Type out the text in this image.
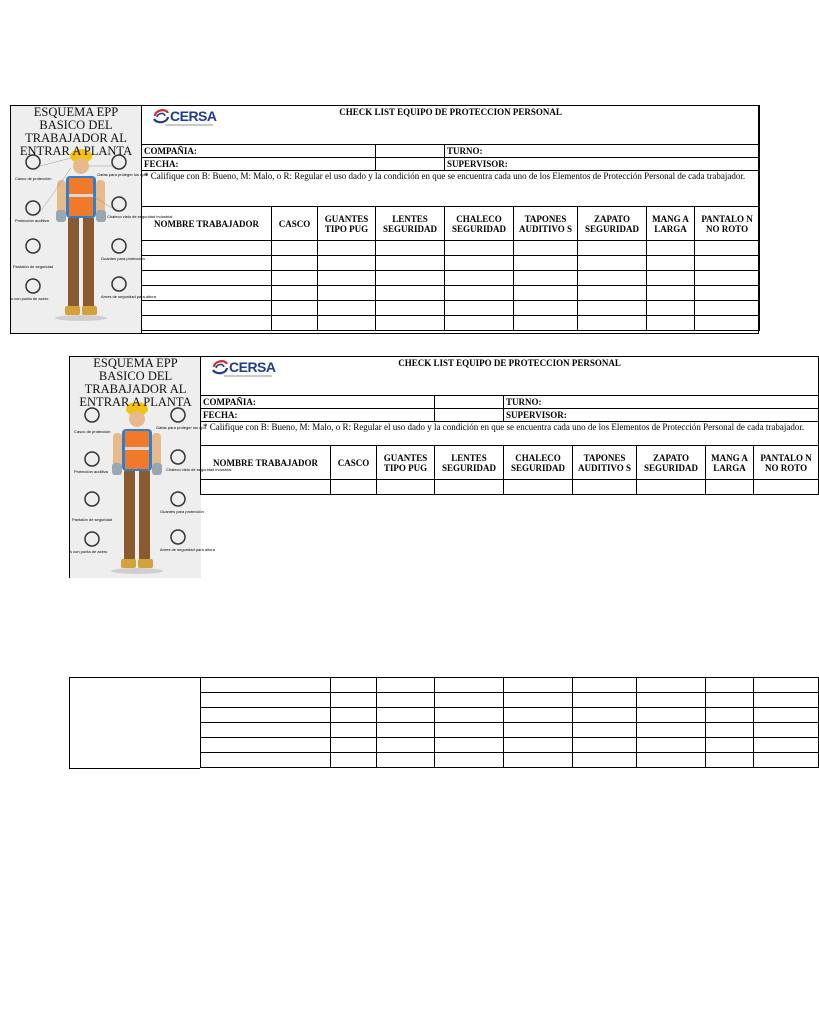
Casco de protección
Gafas para proteger los ojos
Protección auditiva
Chaleco visto de seguridad industrial
Guantes para protección
Pantalón de seguridad
Arnes de seguridad para altura
s con punta de acero
ESQUEMA EPP
BASICO DEL
TRABAJADOR AL
ENTRAR A PLANTA
CERSA CHECK LIST EQUIPO DE PROTECCION PERSONAL								

COMPAÑIA:				TURNO:				
FECHA:				SUPERVISOR:				
* Califique con B: Bueno, M: Malo, o R: Regular el uso dado y la condición en que se encuentra cada uno de los Elementos de Protección Personal de cada trabajador.								
NOMBRE TRABAJADOR	CASCO	GUANTES TIPO PUG	LENTES SEGURIDAD	CHALECO SEGURIDAD	TAPONES AUDITIVO S	ZAPATO SEGURIDAD	MANG A LARGA	PANTALO N NO ROTO

Casco de protección
Gafas para proteger los ojos
Protección auditiva	Chaleco visto de seguridad industrial
Guantes para protección
Pantalón de seguridad
Arnes de seguridad para altura
s con punta de acero
ESQUEMA EPP
BASICO DEL
TRABAJADOR AL
ENTRAR A PLANTA
CERSA CHECK LIST EQUIPO DE PROTECCION PERSONAL								

COMPAÑIA:				TURNO:				
FECHA:				SUPERVISOR:				
* Califique con B: Bueno, M: Malo, o R: Regular el uso dado y la condición en que se encuentra cada uno de los Elementos de Protección Personal de cada trabajador.								
NOMBRE TRABAJADOR	CASCO	GUANTES TIPO PUG	LENTES SEGURIDAD	CHALECO SEGURIDAD	TAPONES AUDITIVO S	ZAPATO SEGURIDAD	MANG A LARGA	PANTALO N NO ROTO
